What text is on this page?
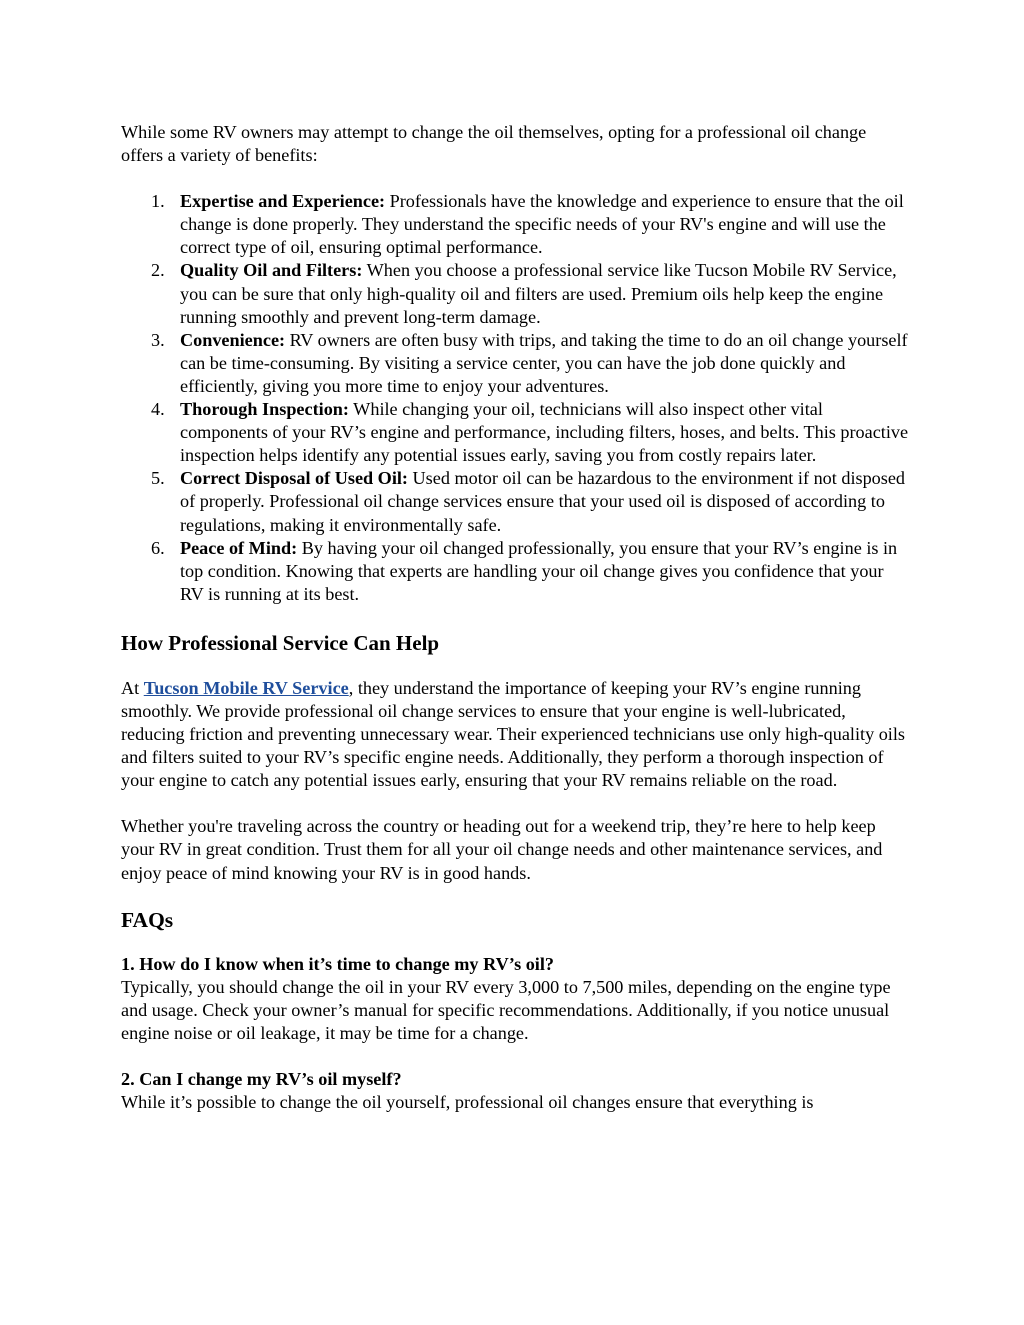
While some RV owners may attempt to change the oil themselves, opting for a professional oil change offers a variety of benefits:

1. Expertise and Experience: Professionals have the knowledge and experience to ensure that the oil change is done properly. They understand the specific needs of your RV's engine and will use the correct type of oil, ensuring optimal performance.
2. Quality Oil and Filters: When you choose a professional service like Tucson Mobile RV Service, you can be sure that only high-quality oil and filters are used. Premium oils help keep the engine running smoothly and prevent long-term damage.
3. Convenience: RV owners are often busy with trips, and taking the time to do an oil change yourself can be time-consuming. By visiting a service center, you can have the job done quickly and efficiently, giving you more time to enjoy your adventures.
4. Thorough Inspection: While changing your oil, technicians will also inspect other vital components of your RV’s engine and performance, including filters, hoses, and belts. This proactive inspection helps identify any potential issues early, saving you from costly repairs later.
5. Correct Disposal of Used Oil: Used motor oil can be hazardous to the environment if not disposed of properly. Professional oil change services ensure that your used oil is disposed of according to regulations, making it environmentally safe.
6. Peace of Mind: By having your oil changed professionally, you ensure that your RV’s engine is in top condition. Knowing that experts are handling your oil change gives you confidence that your RV is running at its best.
How Professional Service Can Help

At Tucson Mobile RV Service, they understand the importance of keeping your RV’s engine running smoothly. We provide professional oil change services to ensure that your engine is well-lubricated, reducing friction and preventing unnecessary wear. Their experienced technicians use only high-quality oils and filters suited to your RV’s specific engine needs. Additionally, they perform a thorough inspection of your engine to catch any potential issues early, ensuring that your RV remains reliable on the road.

Whether you're traveling across the country or heading out for a weekend trip, they’re here to help keep your RV in great condition. Trust them for all your oil change needs and other maintenance services, and enjoy peace of mind knowing your RV is in good hands.

FAQs

1. How do I know when it’s time to change my RV’s oil?

Typically, you should change the oil in your RV every 3,000 to 7,500 miles, depending on the engine type and usage. Check your owner’s manual for specific recommendations. Additionally, if you notice unusual engine noise or oil leakage, it may be time for a change.

2. Can I change my RV’s oil myself?

While it’s possible to change the oil yourself, professional oil changes ensure that everything is
